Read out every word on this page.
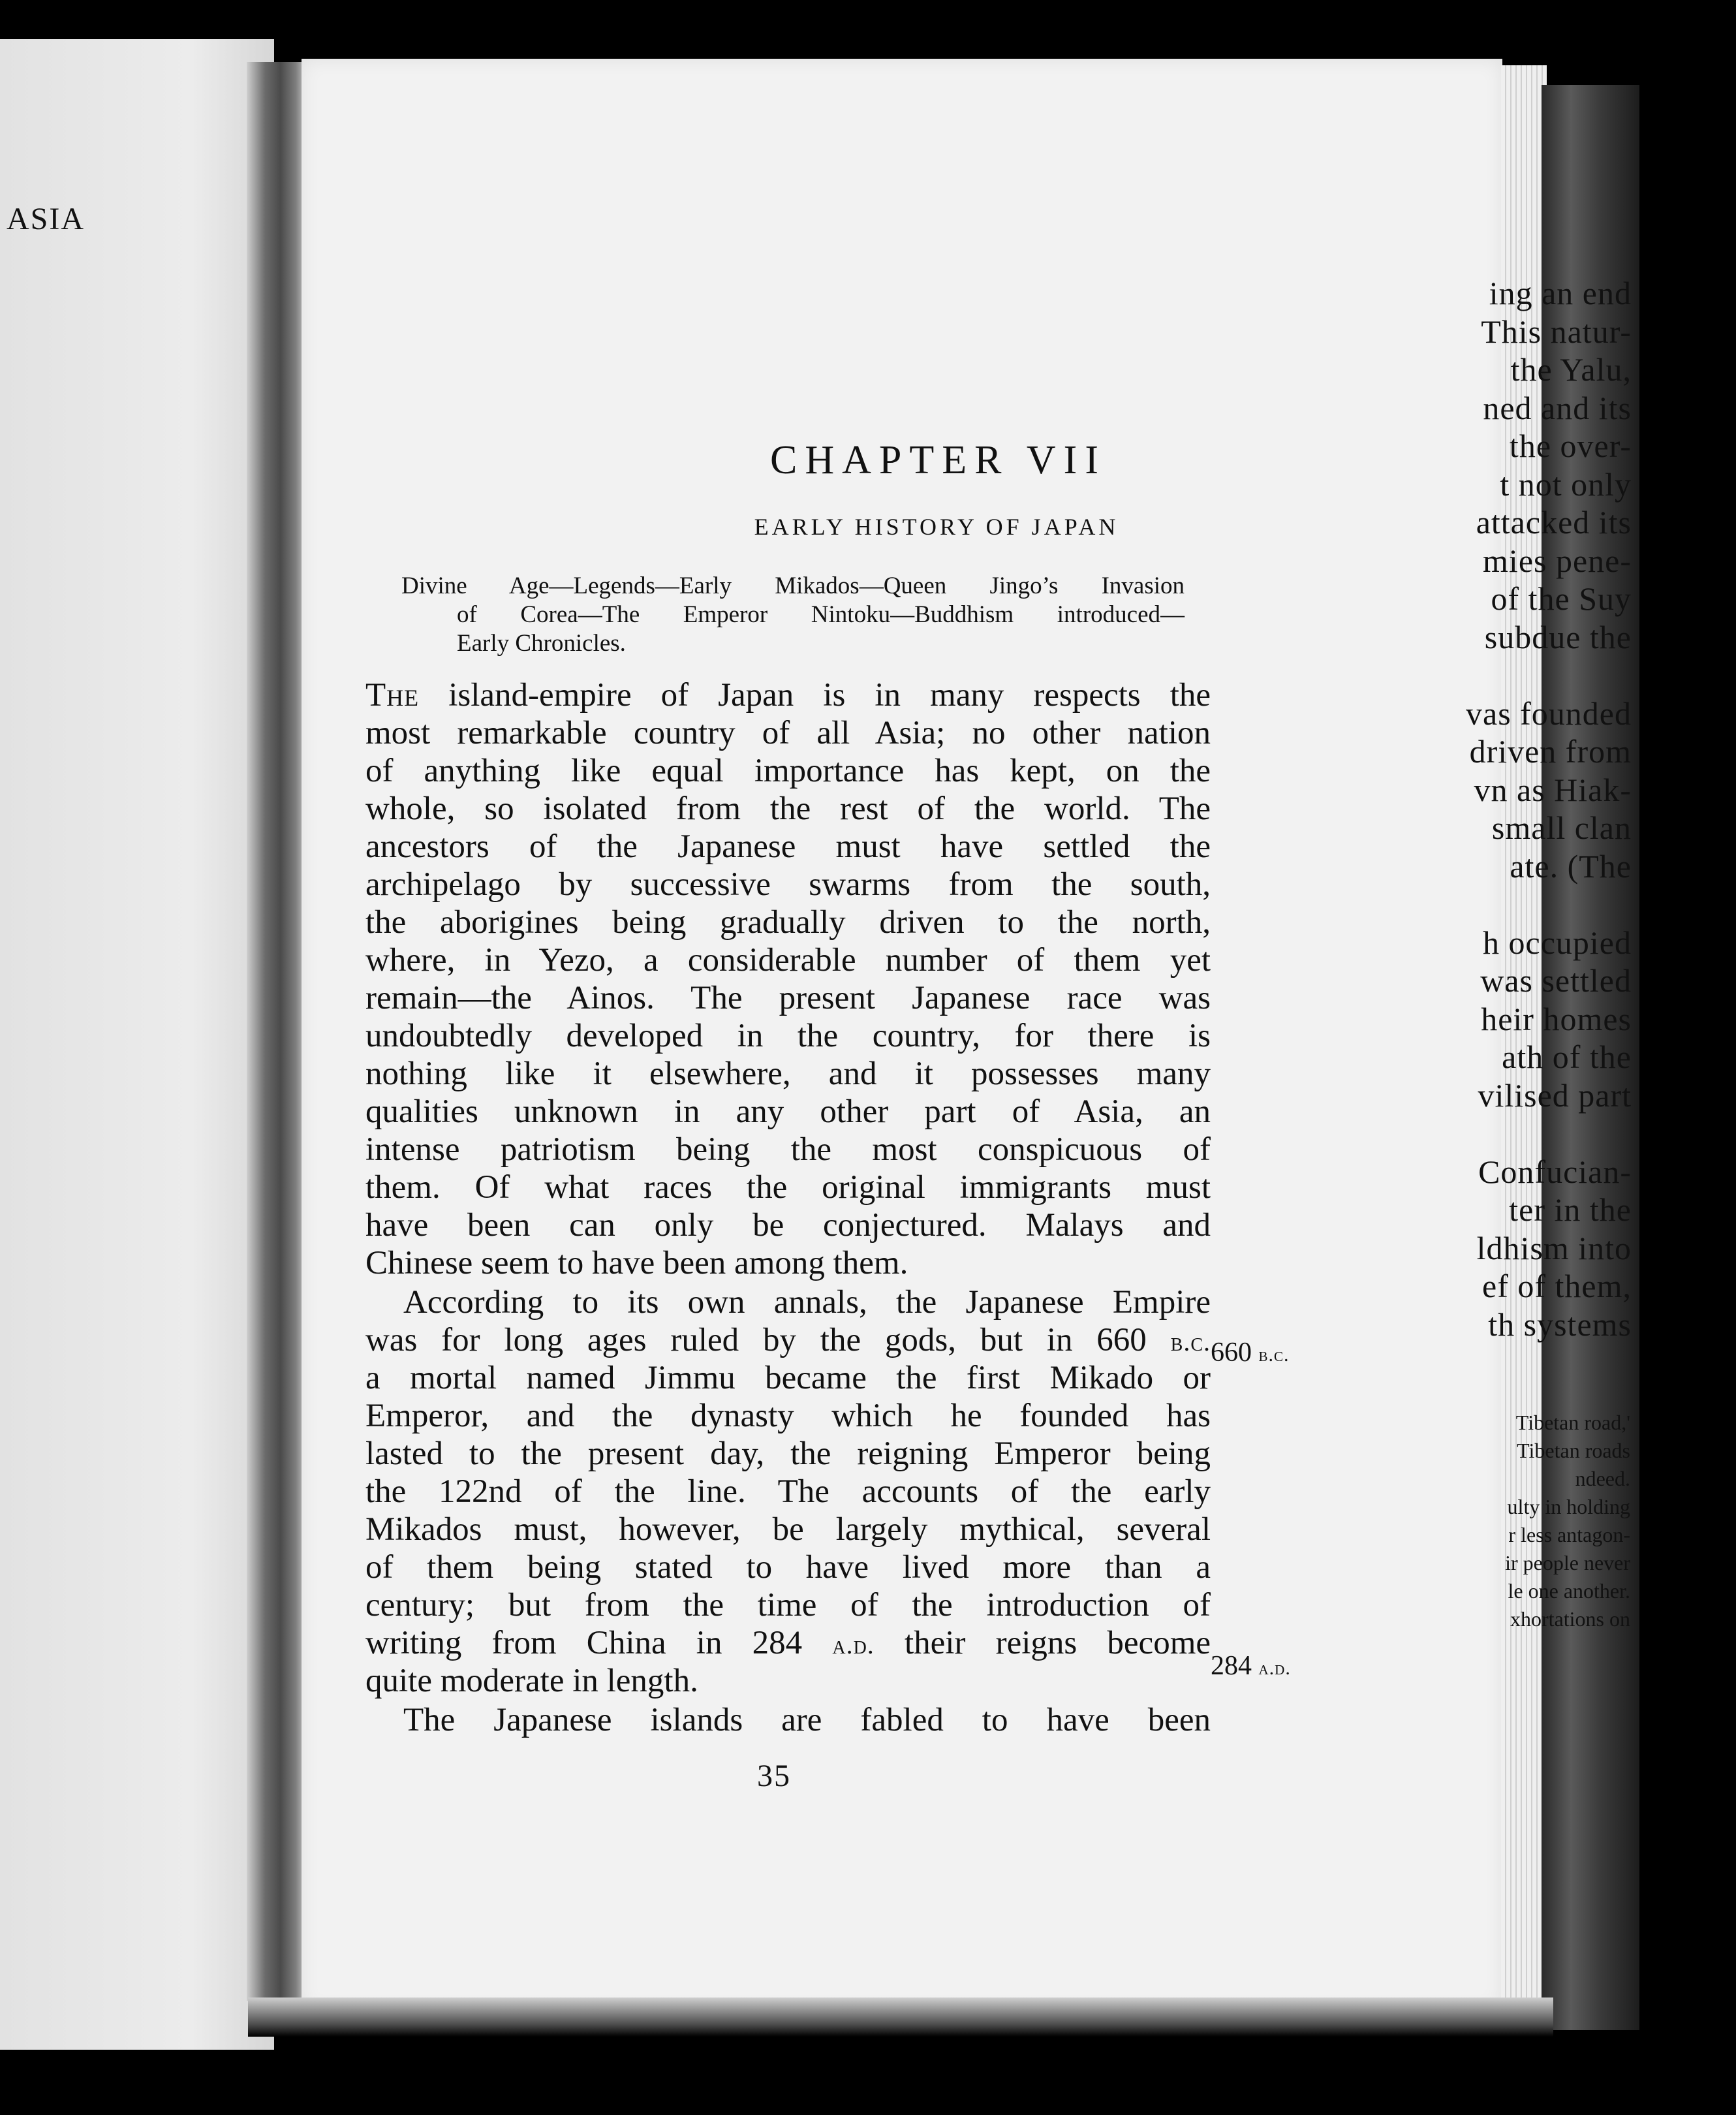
ASIA
ing an end
This natur-
the Yalu,
ned and its
the over-
t not only
attacked its
mies pene-
of the Suy
subdue the
vas founded
driven from
vn as Hiak-
small clan
ate. (The
h occupied
was settled
heir homes
ath of the
vilised part
Confucian-
ter in the
ldhism into
ef of them,
th systems
Tibetan road,'
Tibetan roads
ndeed.
ulty in holding
r less antagon-
ir people never
le one another.
xhortations on
CHAPTER VII
EARLY HISTORY OF JAPAN
Divine Age—Legends—Early Mikados—Queen Jingo’s Invasion
of Corea—The Emperor Nintoku—Buddhism introduced—
Early Chronicles.
The island-empire of Japan is in many respects the
most remarkable country of all Asia; no other nation
of anything like equal importance has kept, on the
whole, so isolated from the rest of the world. The
ancestors of the Japanese must have settled the
archipelago by successive swarms from the south,
the aborigines being gradually driven to the north,
where, in Yezo, a considerable number of them yet
remain—the Ainos. The present Japanese race was
undoubtedly developed in the country, for there is
nothing like it elsewhere, and it possesses many
qualities unknown in any other part of Asia, an
intense patriotism being the most conspicuous of
them. Of what races the original immigrants must
have been can only be conjectured. Malays and
Chinese seem to have been among them.
According to its own annals, the Japanese Empire
was for long ages ruled by the gods, but in 660 b.c.
a mortal named Jimmu became the first Mikado or
Emperor, and the dynasty which he founded has
lasted to the present day, the reigning Emperor being
the 122nd of the line. The accounts of the early
Mikados must, however, be largely mythical, several
of them being stated to have lived more than a
century; but from the time of the introduction of
writing from China in 284 a.d. their reigns become
quite moderate in length.
The Japanese islands are fabled to have been
660 b.c.
284 a.d.
35
